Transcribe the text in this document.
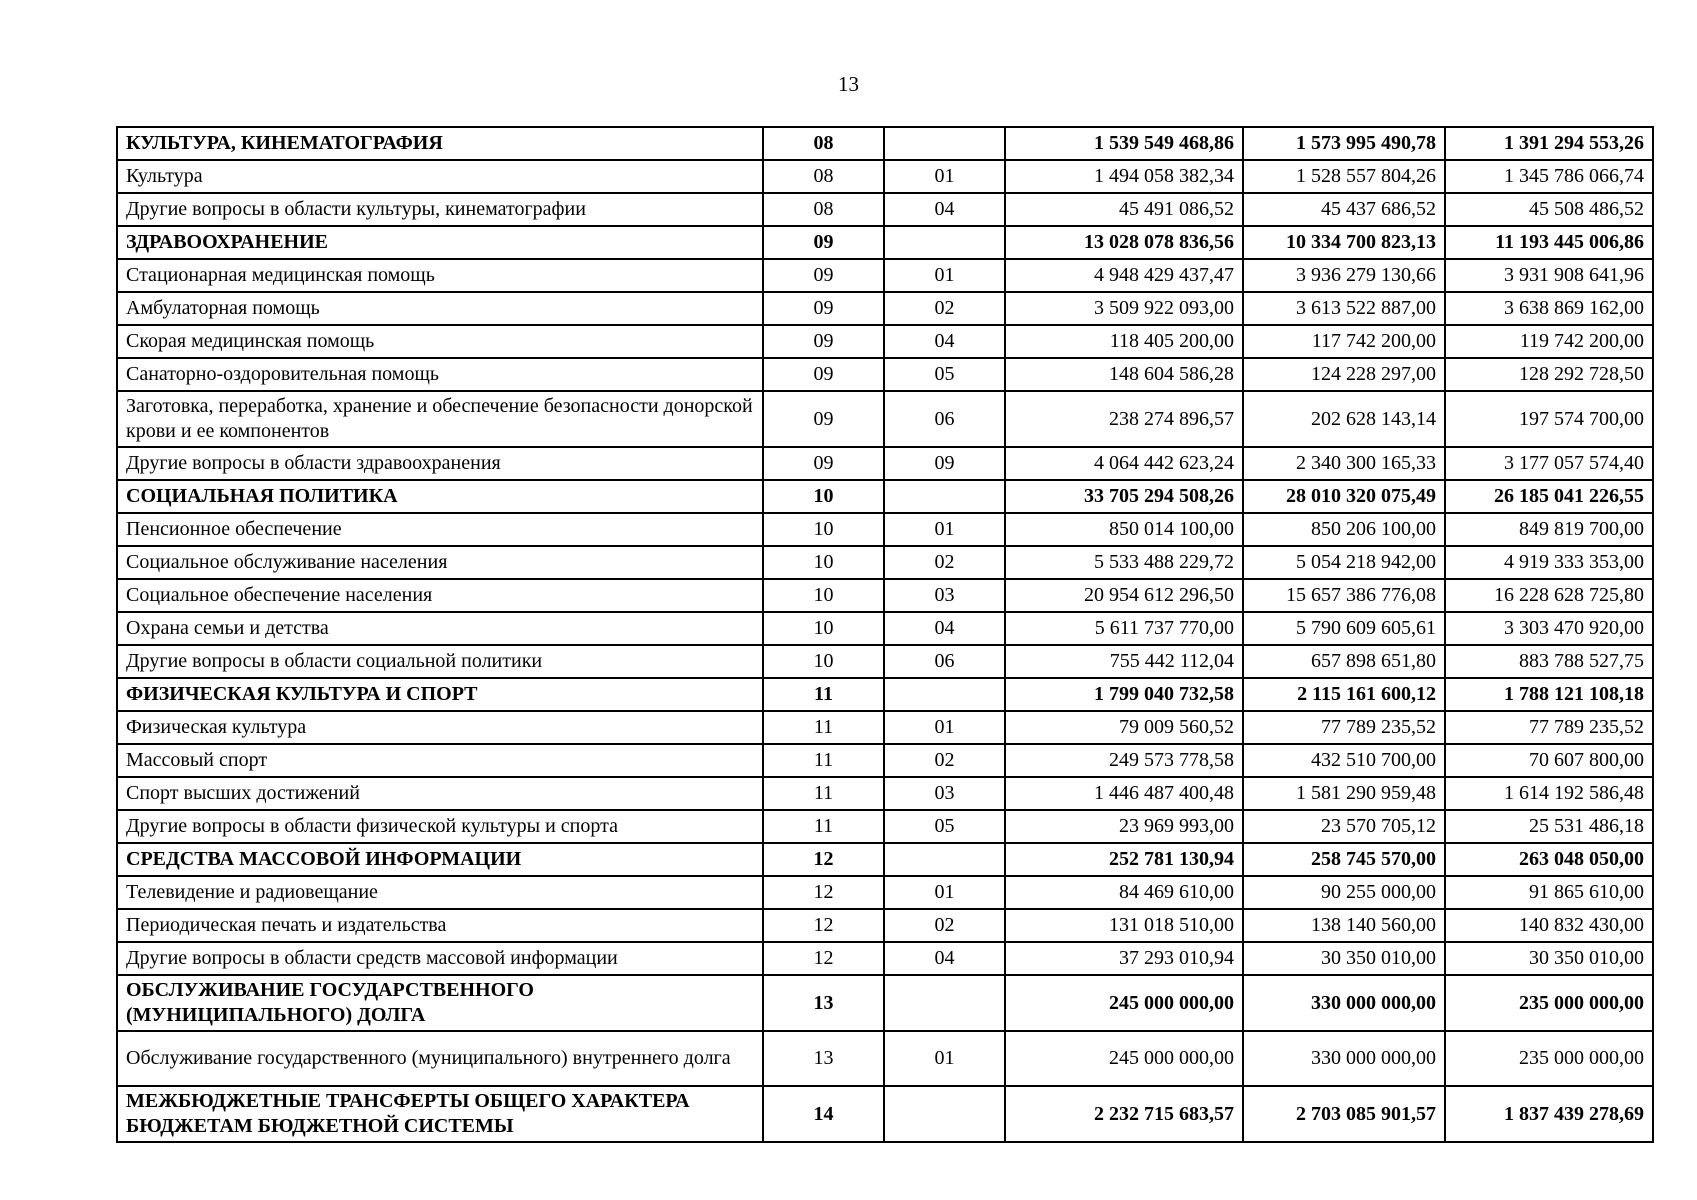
13
КУЛЬТУРА, КИНЕМАТОГРАФИЯ	08		1 539 549 468,86	1 573 995 490,78	1 391 294 553,26
Культура	08	01	1 494 058 382,34	1 528 557 804,26	1 345 786 066,74
Другие вопросы в области культуры, кинематографии	08	04	45 491 086,52	45 437 686,52	45 508 486,52
ЗДРАВООХРАНЕНИЕ	09		13 028 078 836,56	10 334 700 823,13	11 193 445 006,86
Стационарная медицинская помощь	09	01	4 948 429 437,47	3 936 279 130,66	3 931 908 641,96
Амбулаторная помощь	09	02	3 509 922 093,00	3 613 522 887,00	3 638 869 162,00
Скорая медицинская помощь	09	04	118 405 200,00	117 742 200,00	119 742 200,00
Санаторно-оздоровительная помощь	09	05	148 604 586,28	124 228 297,00	128 292 728,50
Заготовка, переработка, хранение и обеспечение безопасности донорской крови и ее компонентов	09	06	238 274 896,57	202 628 143,14	197 574 700,00
Другие вопросы в области здравоохранения	09	09	4 064 442 623,24	2 340 300 165,33	3 177 057 574,40
СОЦИАЛЬНАЯ ПОЛИТИКА	10		33 705 294 508,26	28 010 320 075,49	26 185 041 226,55
Пенсионное обеспечение	10	01	850 014 100,00	850 206 100,00	849 819 700,00
Социальное обслуживание населения	10	02	5 533 488 229,72	5 054 218 942,00	4 919 333 353,00
Социальное обеспечение населения	10	03	20 954 612 296,50	15 657 386 776,08	16 228 628 725,80
Охрана семьи и детства	10	04	5 611 737 770,00	5 790 609 605,61	3 303 470 920,00
Другие вопросы в области социальной политики	10	06	755 442 112,04	657 898 651,80	883 788 527,75
ФИЗИЧЕСКАЯ КУЛЬТУРА И СПОРТ	11		1 799 040 732,58	2 115 161 600,12	1 788 121 108,18
Физическая культура	11	01	79 009 560,52	77 789 235,52	77 789 235,52
Массовый спорт	11	02	249 573 778,58	432 510 700,00	70 607 800,00
Спорт высших достижений	11	03	1 446 487 400,48	1 581 290 959,48	1 614 192 586,48
Другие вопросы в области физической культуры и спорта	11	05	23 969 993,00	23 570 705,12	25 531 486,18
СРЕДСТВА МАССОВОЙ ИНФОРМАЦИИ	12		252 781 130,94	258 745 570,00	263 048 050,00
Телевидение и радиовещание	12	01	84 469 610,00	90 255 000,00	91 865 610,00
Периодическая печать и издательства	12	02	131 018 510,00	138 140 560,00	140 832 430,00
Другие вопросы в области средств массовой информации	12	04	37 293 010,94	30 350 010,00	30 350 010,00
ОБСЛУЖИВАНИЕ ГОСУДАРСТВЕННОГО (МУНИЦИПАЛЬНОГО) ДОЛГА	13		245 000 000,00	330 000 000,00	235 000 000,00
Обслуживание государственного (муниципального) внутреннего долга	13	01	245 000 000,00	330 000 000,00	235 000 000,00
МЕЖБЮДЖЕТНЫЕ ТРАНСФЕРТЫ ОБЩЕГО ХАРАКТЕРА БЮДЖЕТАМ БЮДЖЕТНОЙ СИСТЕМЫ	14		2 232 715 683,57	2 703 085 901,57	1 837 439 278,69
